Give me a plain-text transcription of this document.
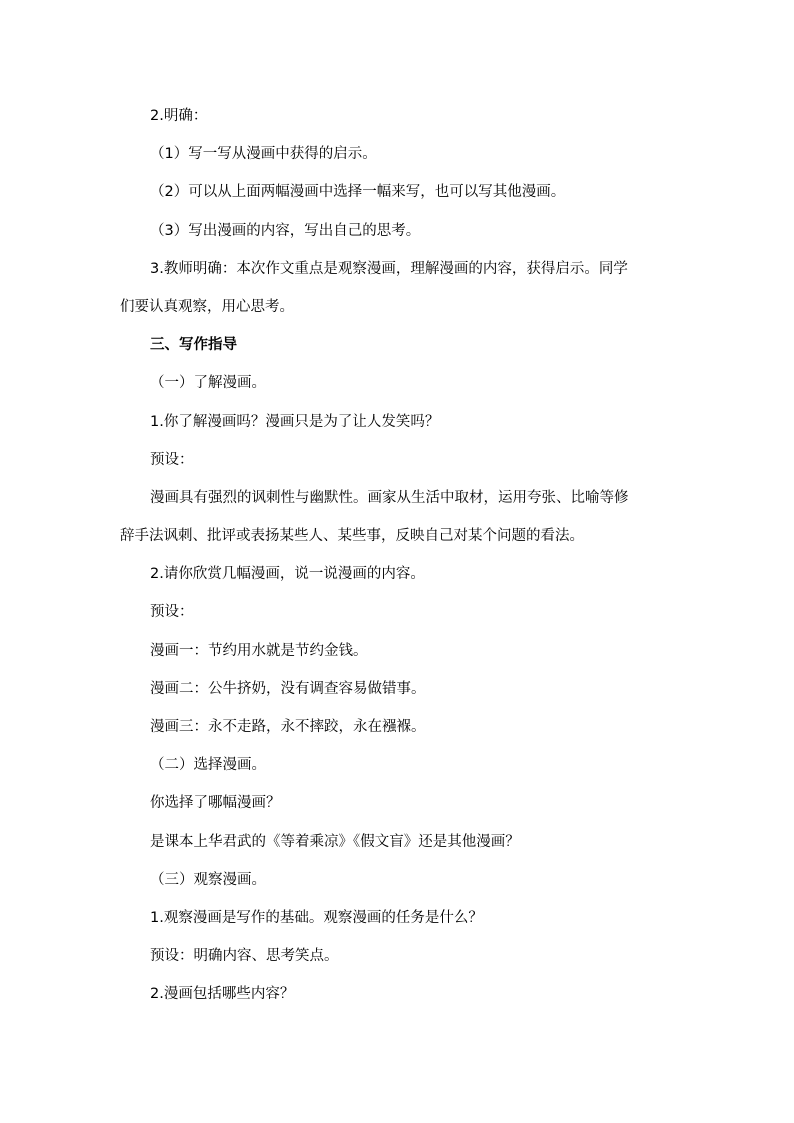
2.明确：
（1）写一写从漫画中获得的启示。
（2）可以从上面两幅漫画中选择一幅来写，也可以写其他漫画。
（3）写出漫画的内容，写出自己的思考。
3.教师明确：本次作文重点是观察漫画，理解漫画的内容，获得启示。同学
们要认真观察，用心思考。
三、写作指导
（一）了解漫画。
1.你了解漫画吗？漫画只是为了让人发笑吗？
预设：
漫画具有强烈的讽刺性与幽默性。画家从生活中取材，运用夸张、比喻等修
辞手法讽刺、批评或表扬某些人、某些事，反映自己对某个问题的看法。
2.请你欣赏几幅漫画，说一说漫画的内容。
预设：
漫画一：节约用水就是节约金钱。
漫画二：公牛挤奶，没有调查容易做错事。
漫画三：永不走路，永不摔跤，永在襁褓。
（二）选择漫画。
你选择了哪幅漫画？
是课本上华君武的《等着乘凉》《假文盲》还是其他漫画？
（三）观察漫画。
1.观察漫画是写作的基础。观察漫画的任务是什么？
预设：明确内容、思考笑点。
2.漫画包括哪些内容？
